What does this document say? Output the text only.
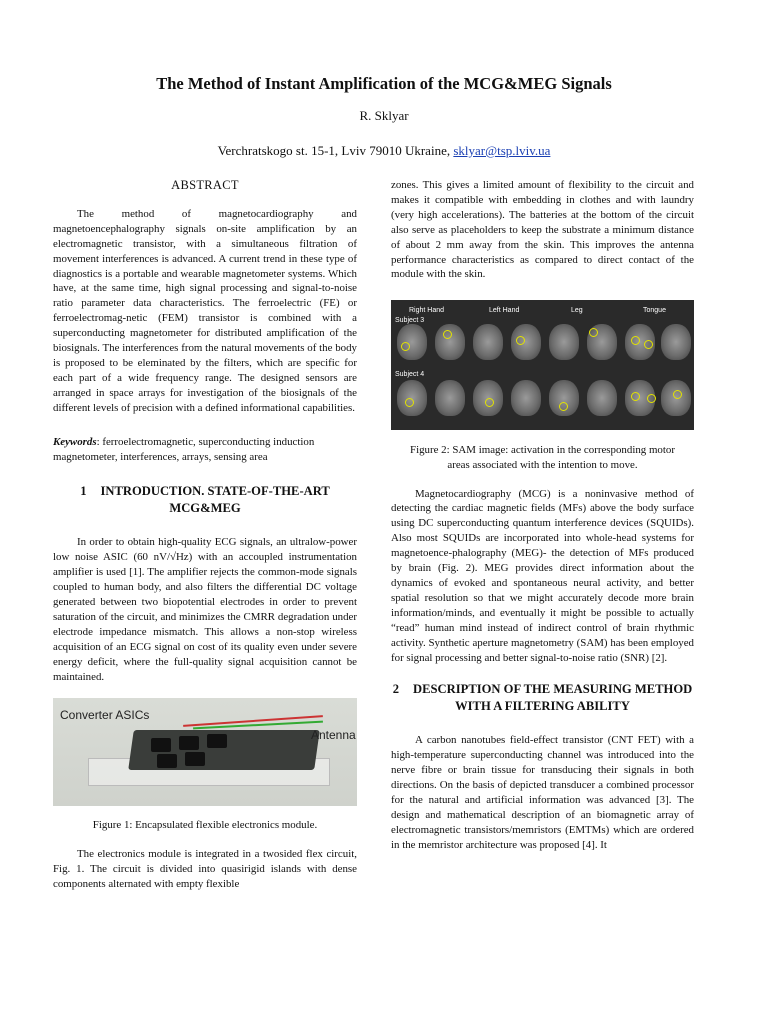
The Method of Instant Amplification of the MCG&MEG Signals
R. Sklyar
Verchratskogo st. 15-1, Lviv 79010 Ukraine, sklyar@tsp.lviv.ua
ABSTRACT

The method of magnetocardiography and magnetoencephalography signals on-site amplification by an electromagnetic transistor, with a simultaneous filtration of movement interferences is advanced. A current trend in these type of diagnostics is a portable and wearable magnetometer systems. Which have, at the same time, high signal processing and signal-to-noise ratio parameter data characteristics. The ferroelectric (FE) or ferroelectromag-netic (FEM) transistor is combined with a superconducting magnetometer for distributed amplification of the biosignals. The interferences from the natural movements of the body is proposed to be eleminated by the filters, which are specific for each part of a wide frequency range. The designed sensors are arranged in space arrays for investigation of the biosignals of the different levels of precision with a defined informational capabilities.

Keywords: ferroelectromagnetic, superconducting induction magnetometer, interferences, arrays, sensing area

1 INTRODUCTION. STATE-OF-THE-ART MCG&MEG

In order to obtain high-quality ECG signals, an ultralow-power low noise ASIC (60 nV/√Hz) with an accoupled instrumentation amplifier is used [1]. The amplifier rejects the common-mode signals coupled to human body, and also filters the differential DC voltage generated between two biopotential electrodes in order to prevent saturation of the circuit, and minimizes the CMRR degradation under electrode impedance mismatch. This allows a non-stop wireless acquisition of an ECG signal on cost of its quality even under severe energy deficit, where the full-quality signal acquisition cannot be maintained.

Converter ASICs
Antenna

Figure 1: Encapsulated flexible electronics module.

The electronics module is integrated in a twosided flex circuit, Fig. 1. The circuit is divided into quasirigid islands with dense components alternated with empty flexible

zones. This gives a limited amount of flexibility to the circuit and makes it compatible with embedding in clothes and with laundry (very high accelerations). The batteries at the bottom of the circuit also serve as placeholders to keep the substrate a minimum distance of about 2 mm away from the skin. This improves the antenna performance characteristics as compared to direct contact of the module with the skin.

Right Hand	Left Hand	Leg	Tongue
Subject 3
Subject 4

Figure 2: SAM image: activation in the corresponding motor areas associated with the intention to move.

Magnetocardiography (MCG) is a noninvasive method of detecting the cardiac magnetic fields (MFs) above the body surface using DC superconducting quantum interference devices (SQUIDs). Also most SQUIDs are incorporated into whole-head systems for magnetoence-phalography (MEG)- the detection of MFs produced by brain (Fig. 2). MEG provides direct information about the dynamics of evoked and spontaneous neural activity, and better spatial resolution so that we might accurately decode more brain information/minds, and eventually it might be possible to actually “read” human mind instead of indirect control of brain rhythmic activity. Synthetic aperture magnetometry (SAM) has been employed for signal processing and better signal-to-noise ratio (SNR) [2].

2 DESCRIPTION OF THE MEASURING METHOD WITH A FILTERING ABILITY

A carbon nanotubes field-effect transistor (CNT FET) with a high-temperature superconducting channel was introduced into the nerve fibre or brain tissue for transducing their signals in both directions. On the basis of depicted transducer a combined processor for the natural and artificial information was advanced [3]. The design and mathematical description of an biomagnetic array of electromagnetic transistors/memristors (EMTMs) which are ordered in the memristor architecture was proposed [4]. It
